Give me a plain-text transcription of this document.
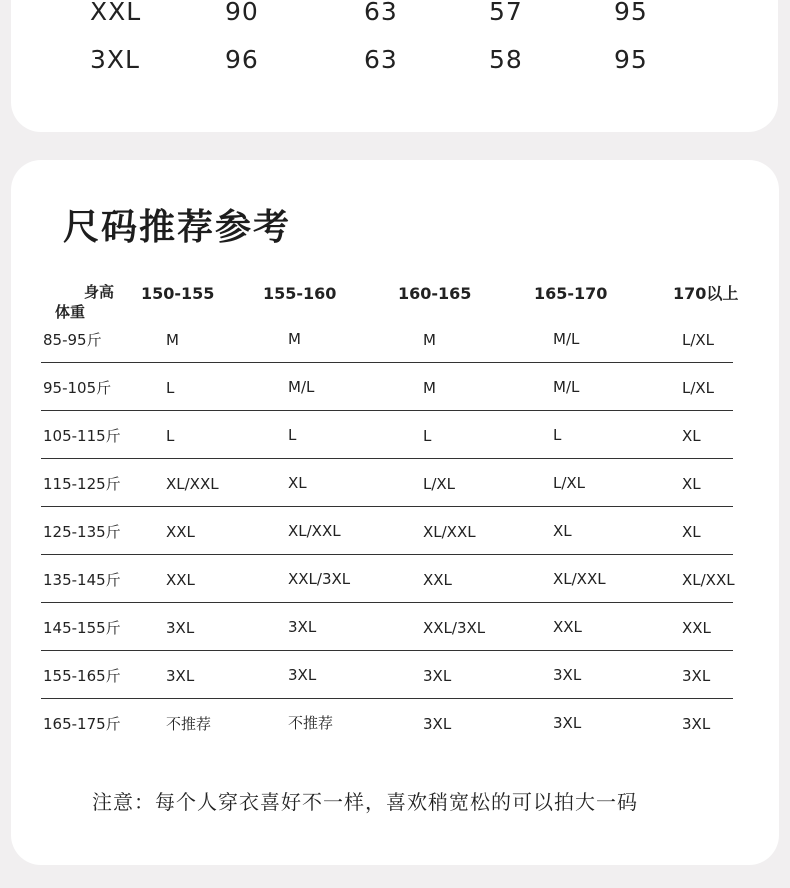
XXL	90	63	57	95
3XL	96	63	58	95
尺码推荐参考
身高
体重
150-155	155-160	160-165	165-170	170以上
85-95斤	M	M	M	M/L	L/XL
95-105斤	L	M/L	M	M/L	L/XL
105-115斤	L	L	L	L	XL
115-125斤	XL/XXL	XL	L/XL	L/XL	XL
125-135斤	XXL	XL/XXL	XL/XXL	XL	XL
135-145斤	XXL	XXL/3XL	XXL	XL/XXL	XL/XXL
145-155斤	3XL	3XL	XXL/3XL	XXL	XXL
155-165斤	3XL	3XL	3XL	3XL	3XL
165-175斤	不推荐	不推荐	3XL	3XL	3XL
注意：每个人穿衣喜好不一样，喜欢稍宽松的可以拍大一码
